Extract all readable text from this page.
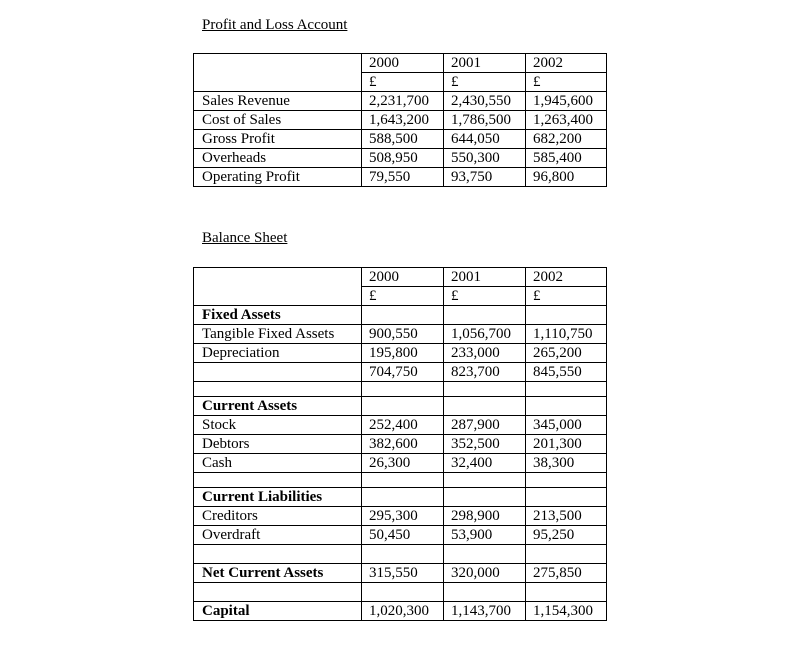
Profit and Loss Account
	2000	2001	2002
	£	£	£
Sales Revenue	2,231,700	2,430,550	1,945,600
Cost of Sales	1,643,200	1,786,500	1,263,400
Gross Profit	588,500	644,050	682,200
Overheads	508,950	550,300	585,400
Operating Profit	79,550	93,750	96,800
Balance Sheet
	2000	2001	2002
	£	£	£
Fixed Assets			
Tangible Fixed Assets	900,550	1,056,700	1,110,750
Depreciation	195,800	233,000	265,200
	704,750	823,700	845,550

Current Assets			
Stock	252,400	287,900	345,000
Debtors	382,600	352,500	201,300
Cash	26,300	32,400	38,300

Current Liabilities			
Creditors	295,300	298,900	213,500
Overdraft	50,450	53,900	95,250

Net Current Assets	315,550	320,000	275,850

Capital	1,020,300	1,143,700	1,154,300
